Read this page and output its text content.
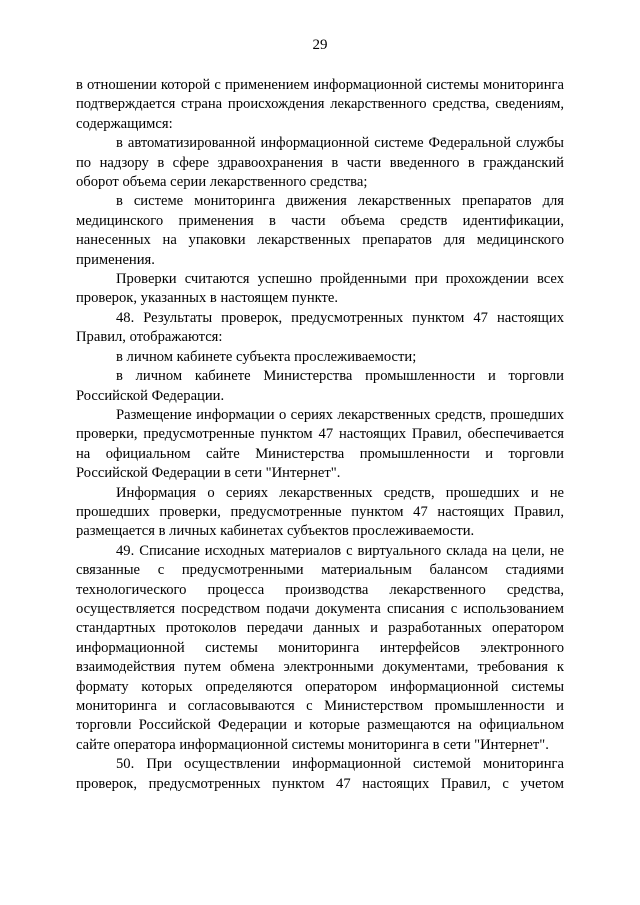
29

в отношении которой с применением информационной системы мониторинга подтверждается страна происхождения лекарственного средства, сведениям, содержащимся:

в автоматизированной информационной системе Федеральной службы по надзору в сфере здравоохранения в части введенного в гражданский оборот объема серии лекарственного средства;

в системе мониторинга движения лекарственных препаратов для медицинского применения в части объема средств идентификации, нанесенных на упаковки лекарственных препаратов для медицинского применения.

Проверки считаются успешно пройденными при прохождении всех проверок, указанных в настоящем пункте.

48. Результаты проверок, предусмотренных пунктом 47 настоящих Правил, отображаются:

в личном кабинете субъекта прослеживаемости;

в личном кабинете Министерства промышленности и торговли Российской Федерации.

Размещение информации о сериях лекарственных средств, прошедших проверки, предусмотренные пунктом 47 настоящих Правил, обеспечивается на официальном сайте Министерства промышленности и торговли Российской Федерации в сети "Интернет".

Информация о сериях лекарственных средств, прошедших и не прошедших проверки, предусмотренные пунктом 47 настоящих Правил, размещается в личных кабинетах субъектов прослеживаемости.

49. Списание исходных материалов с виртуального склада на цели, не связанные с предусмотренными материальным балансом стадиями технологического процесса производства лекарственного средства, осуществляется посредством подачи документа списания с использованием стандартных протоколов передачи данных и разработанных оператором информационной системы мониторинга интерфейсов электронного взаимодействия путем обмена электронными документами, требования к формату которых определяются оператором информационной системы мониторинга и согласовываются с Министерством промышленности и торговли Российской Федерации и которые размещаются на официальном сайте оператора информационной системы мониторинга в сети "Интернет".

50. При осуществлении информационной системой мониторинга проверок, предусмотренных пунктом 47 настоящих Правил, с учетом
